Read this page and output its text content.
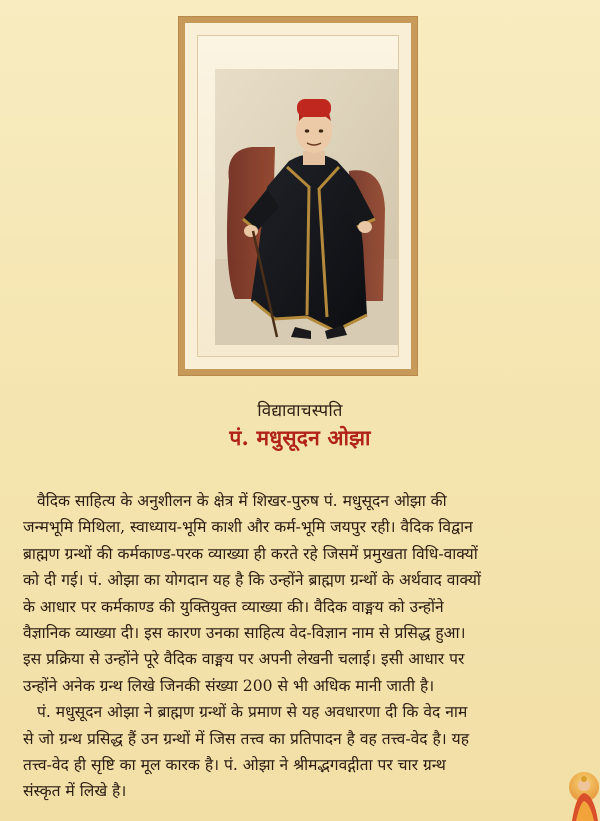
विद्यावाचस्पति
पं. मधुसूदन ओझा
वैदिक साहित्य के अनुशीलन के क्षेत्र में शिखर-पुरुष पं. मधुसूदन ओझा की
जन्मभूमि मिथिला, स्वाध्याय-भूमि काशी और कर्म-भूमि जयपुर रही। वैदिक विद्वान
ब्राह्मण ग्रन्थों की कर्मकाण्ड-परक व्याख्या ही करते रहे जिसमें प्रमुखता विधि-वाक्यों
को दी गई। पं. ओझा का योगदान यह है कि उन्होंने ब्राह्मण ग्रन्थों के अर्थवाद वाक्यों
के आधार पर कर्मकाण्ड की युक्तियुक्त व्याख्या की। वैदिक वाङ्मय को उन्होंने
वैज्ञानिक व्याख्या दी। इस कारण उनका साहित्य वेद-विज्ञान नाम से प्रसिद्ध हुआ।
इस प्रक्रिया से उन्होंने पूरे वैदिक वाङ्मय पर अपनी लेखनी चलाई। इसी आधार पर
उन्होंने अनेक ग्रन्थ लिखे जिनकी संख्या 200 से भी अधिक मानी जाती है।
पं. मधुसूदन ओझा ने ब्राह्मण ग्रन्थों के प्रमाण से यह अवधारणा दी कि वेद नाम
से जो ग्रन्थ प्रसिद्ध हैं उन ग्रन्थों में जिस तत्त्व का प्रतिपादन है वह तत्त्व-वेद है। यह
तत्त्व-वेद ही सृष्टि का मूल कारक है। पं. ओझा ने श्रीमद्भगवद्गीता पर चार ग्रन्थ
संस्कृत में लिखे है।
